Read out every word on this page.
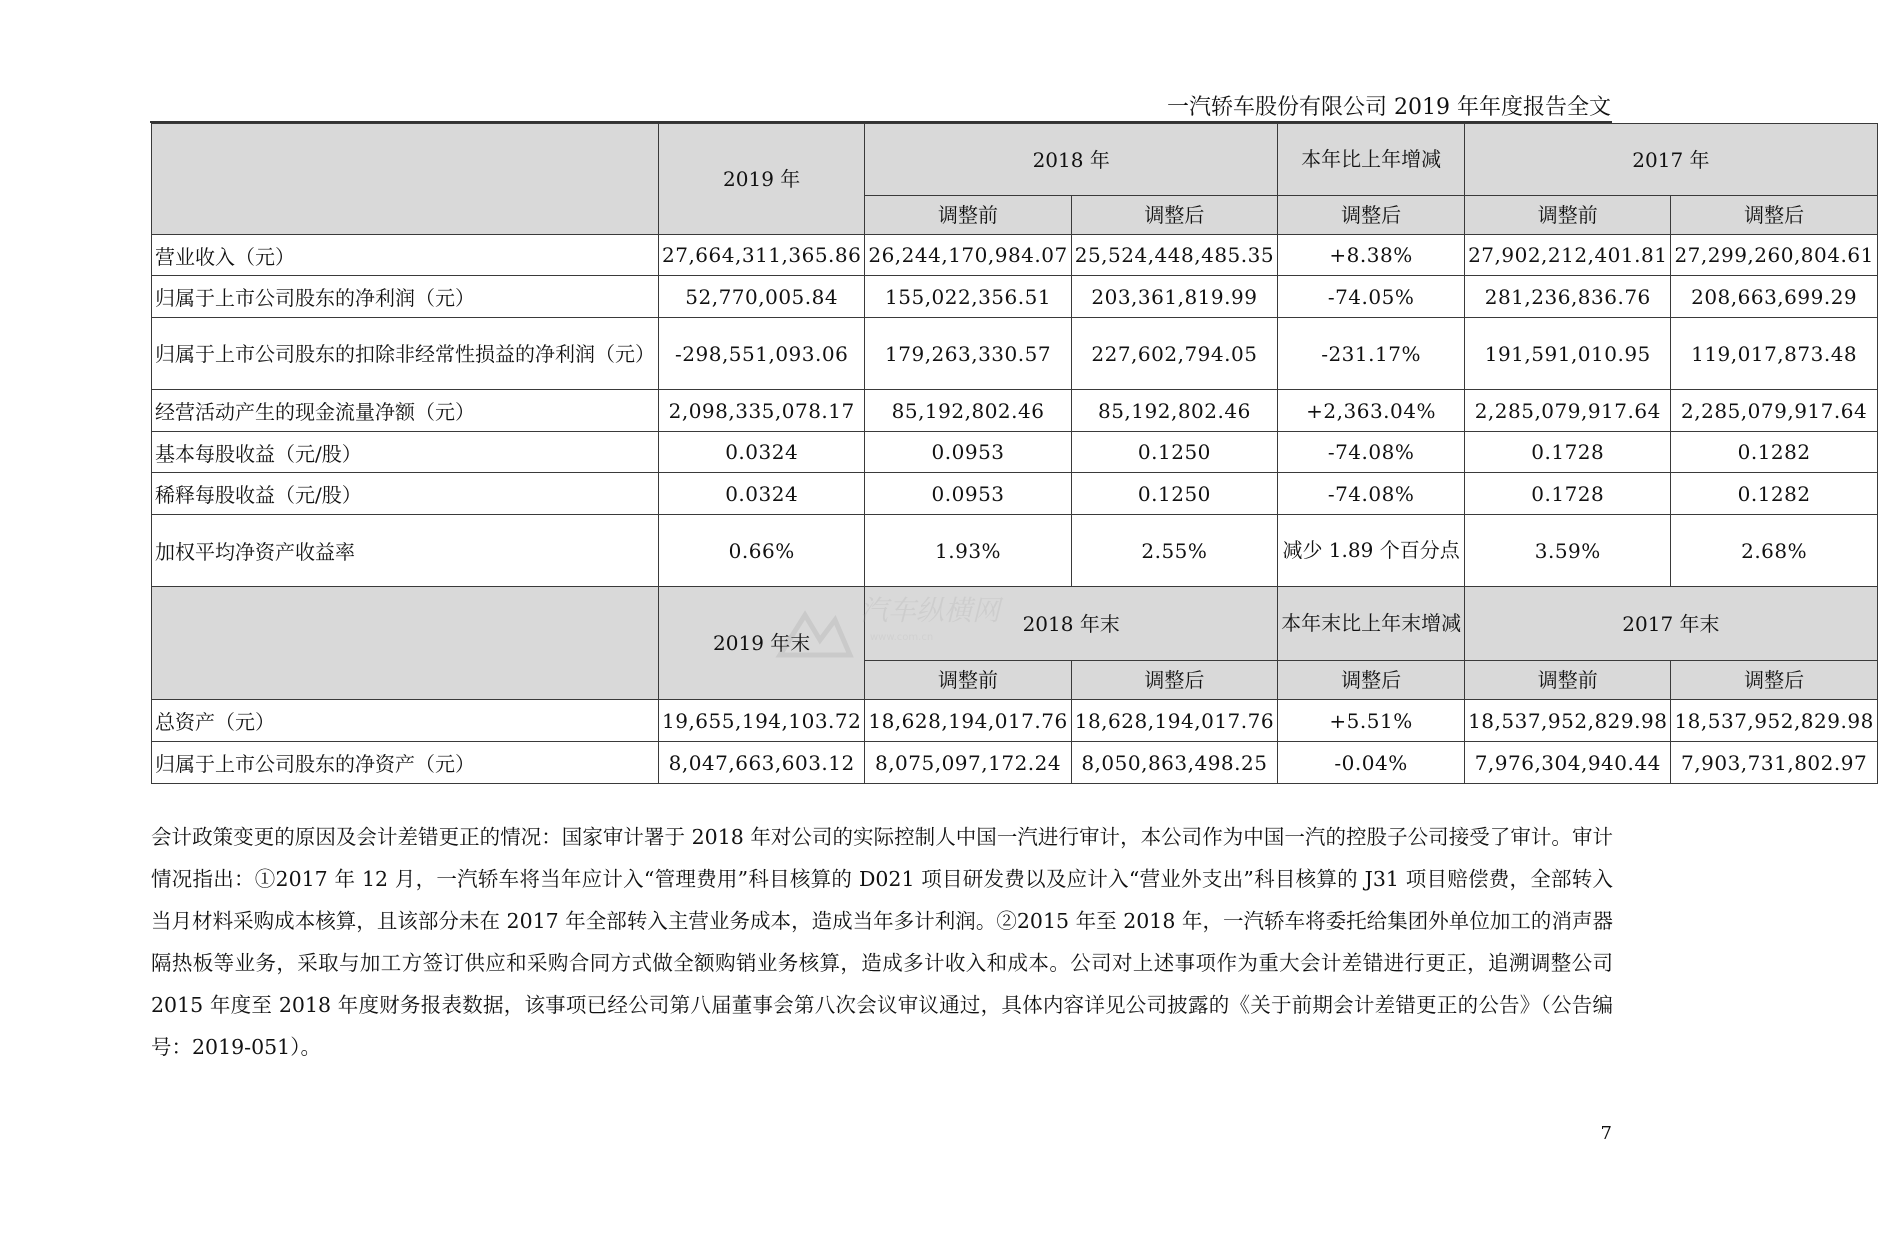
一汽轿车股份有限公司 2019 年年度报告全文
	2019 年	2018 年		本年比上年增减	2017 年	
		调整前	调整后	调整后	调整前	调整后
营业收入（元）	27,664,311,365.86	26,244,170,984.07	25,524,448,485.35	+8.38%	27,902,212,401.81	27,299,260,804.61
归属于上市公司股东的净利润（元）	52,770,005.84	155,022,356.51	203,361,819.99	-74.05%	281,236,836.76	208,663,699.29
归属于上市公司股东的扣除非经常性损益的净利润（元）	-298,551,093.06	179,263,330.57	227,602,794.05	-231.17%	191,591,010.95	119,017,873.48
经营活动产生的现金流量净额（元）	2,098,335,078.17	85,192,802.46	85,192,802.46	+2,363.04%	2,285,079,917.64	2,285,079,917.64
基本每股收益（元/股）	0.0324	0.0953	0.1250	-74.08%	0.1728	0.1282
稀释每股收益（元/股）	0.0324	0.0953	0.1250	-74.08%	0.1728	0.1282
加权平均净资产收益率	0.66%	1.93%	2.55%	减少 1.89 个百分点	3.59%	2.68%
	2019 年末	2018 年末		本年末比上年末增减	2017 年末	
		调整前	调整后	调整后	调整前	调整后
总资产（元）	19,655,194,103.72	18,628,194,017.76	18,628,194,017.76	+5.51%	18,537,952,829.98	18,537,952,829.98
归属于上市公司股东的净资产（元）	8,047,663,603.12	8,075,097,172.24	8,050,863,498.25	-0.04%	7,976,304,940.44	7,903,731,802.97
汽车纵横网
www.com.cn
会计政策变更的原因及会计差错更正的情况：国家审计署于 2018 年对公司的实际控制人中国一汽进行审计，本公司作为中国一汽的控股子公司接受了审计。审计情况指出：①2017 年 12 月，一汽轿车将当年应计入“管理费用”科目核算的 D021 项目研发费以及应计入“营业外支出”科目核算的 J31 项目赔偿费，全部转入当月材料采购成本核算，且该部分未在 2017 年全部转入主营业务成本，造成当年多计利润。②2015 年至 2018 年，一汽轿车将委托给集团外单位加工的消声器隔热板等业务，采取与加工方签订供应和采购合同方式做全额购销业务核算，造成多计收入和成本。公司对上述事项作为重大会计差错进行更正，追溯调整公司 2015 年度至 2018 年度财务报表数据，该事项已经公司第八届董事会第八次会议审议通过，具体内容详见公司披露的《关于前期会计差错更正的公告》（公告编号：2019-051）。
7
